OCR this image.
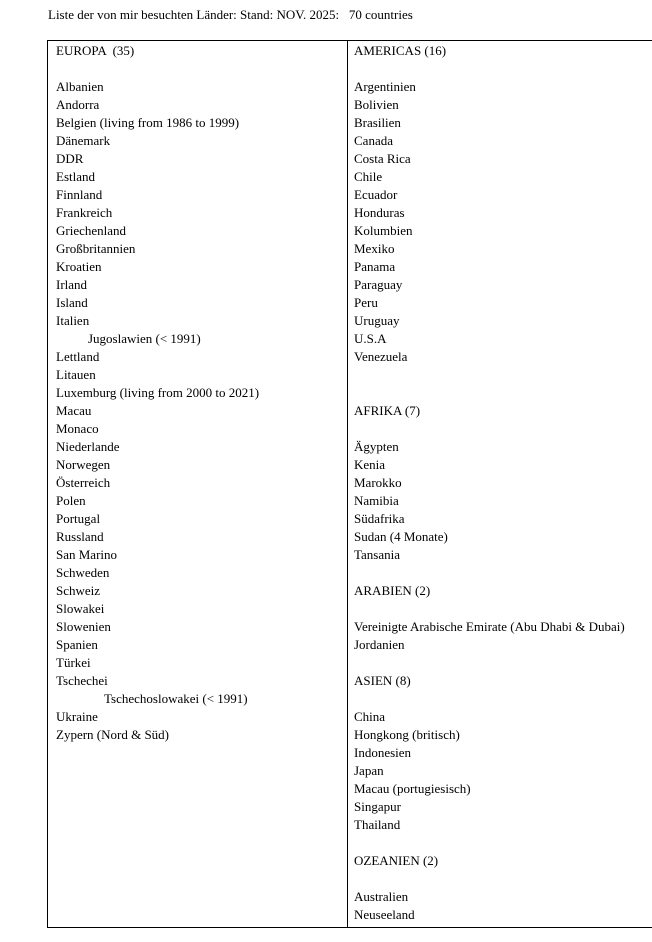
Liste der von mir besuchten Länder: Stand: NOV. 2025:   70 countries
EUROPA  (35)
Albanien
Andorra
Belgien (living from 1986 to 1999)
Dänemark
DDR
Estland
Finnland
Frankreich
Griechenland
Großbritannien
Kroatien
Irland
Island
Italien
Jugoslawien (< 1991)
Lettland
Litauen
Luxemburg (living from 2000 to 2021)
Macau
Monaco
Niederlande
Norwegen
Österreich
Polen
Portugal
Russland
San Marino
Schweden
Schweiz
Slowakei
Slowenien
Spanien
Türkei
Tschechei
Tschechoslowakei (< 1991)
Ukraine
Zypern (Nord & Süd)
AMERICAS (16)
Argentinien
Bolivien
Brasilien
Canada
Costa Rica
Chile
Ecuador
Honduras
Kolumbien
Mexiko
Panama
Paraguay
Peru
Uruguay
U.S.A
Venezuela
AFRIKA (7)
Ägypten
Kenia
Marokko
Namibia
Südafrika
Sudan (4 Monate)
Tansania
ARABIEN (2)
Vereinigte Arabische Emirate (Abu Dhabi & Dubai)
Jordanien
ASIEN (8)
China
Hongkong (britisch)
Indonesien
Japan
Macau (portugiesisch)
Singapur
Thailand
OZEANIEN (2)
Australien
Neuseeland
